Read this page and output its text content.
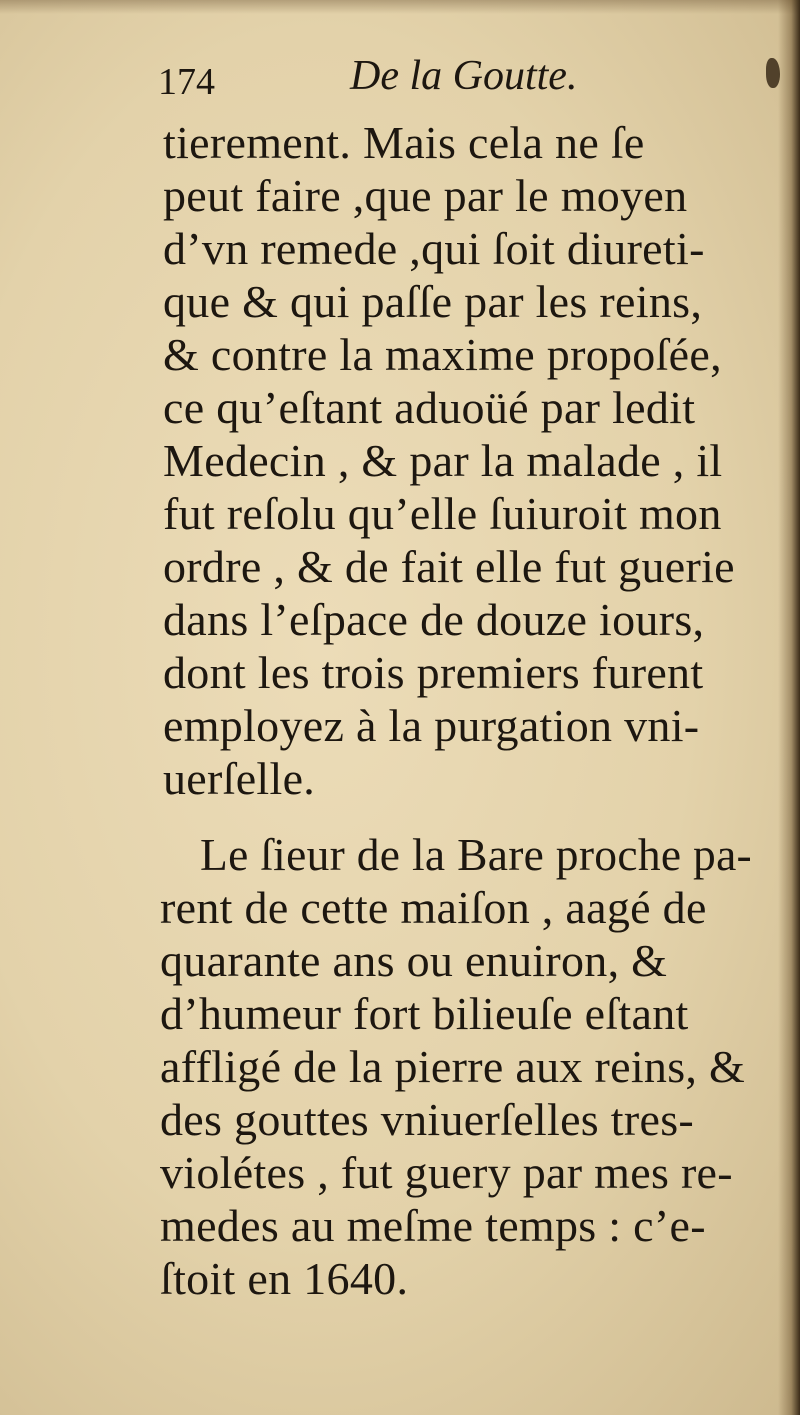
174	De la Goutte.
tierement. Mais cela ne ſe
peut faire ,que par le moyen
d’vn remede ,qui ſoit diureti-
que & qui paſſe par les reins,
& contre la maxime propoſée,
ce qu’eſtant aduoüé par ledit
Medecin , & par la malade , il
fut reſolu qu’elle ſuiuroit mon
ordre , & de fait elle fut guerie
dans l’eſpace de douze iours,
dont les trois premiers furent
employez à la purgation vni-
uerſelle.
Le ſieur de la Bare proche pa-
rent de cette maiſon , aagé de
quarante ans ou enuiron, &
d’humeur fort bilieuſe eſtant
affligé de la pierre aux reins, &
des gouttes vniuerſelles tres-
violétes , fut guery par mes re-
medes au meſme temps : c’e-
ſtoit en 1640.
